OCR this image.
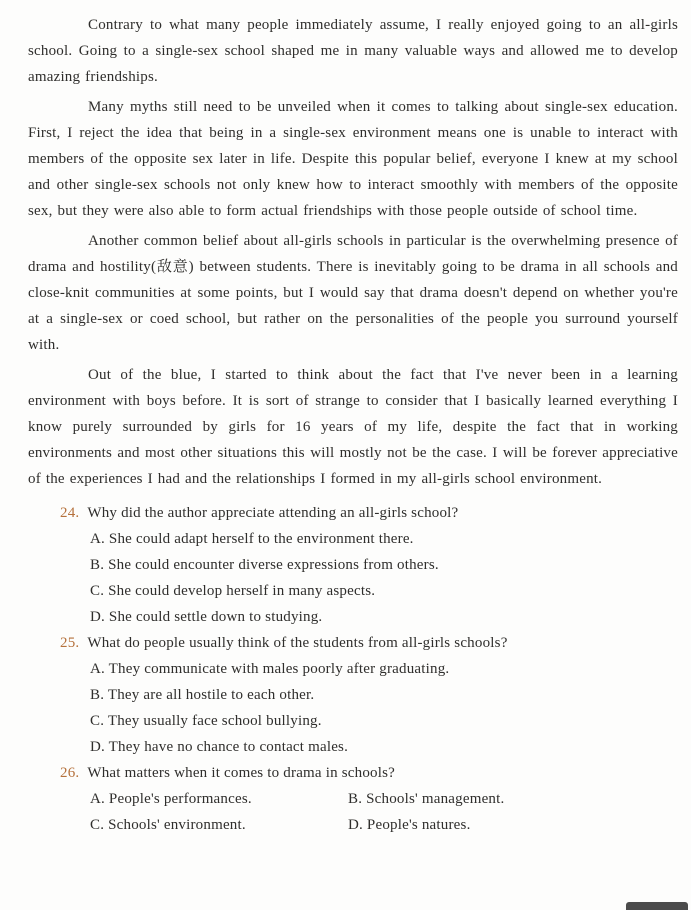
Contrary to what many people immediately assume, I really enjoyed going to an all-girls school. Going to a single-sex school shaped me in many valuable ways and allowed me to develop amazing friendships.

Many myths still need to be unveiled when it comes to talking about single-sex education. First, I reject the idea that being in a single-sex environment means one is unable to interact with members of the opposite sex later in life. Despite this popular belief, everyone I knew at my school and other single-sex schools not only knew how to interact smoothly with members of the opposite sex, but they were also able to form actual friendships with those people outside of school time.

Another common belief about all-girls schools in particular is the overwhelming presence of drama and hostility(敌意) between students. There is inevitably going to be drama in all schools and close-knit communities at some points, but I would say that drama doesn't depend on whether you're at a single-sex or coed school, but rather on the personalities of the people you surround yourself with.

Out of the blue, I started to think about the fact that I've never been in a learning environment with boys before. It is sort of strange to consider that I basically learned everything I know purely surrounded by girls for 16 years of my life, despite the fact that in working environments and most other situations this will mostly not be the case. I will be forever appreciative of the experiences I had and the relationships I formed in my all-girls school environment.

24. Why did the author appreciate attending an all-girls school?
A. She could adapt herself to the environment there.
B. She could encounter diverse expressions from others.
C. She could develop herself in many aspects.
D. She could settle down to studying.
25. What do people usually think of the students from all-girls schools?
A. They communicate with males poorly after graduating.
B. They are all hostile to each other.
C. They usually face school bullying.
D. They have no chance to contact males.
26. What matters when it comes to drama in schools?
A. People's performances.	B. Schools' management.
C. Schools' environment.	D. People's natures.
